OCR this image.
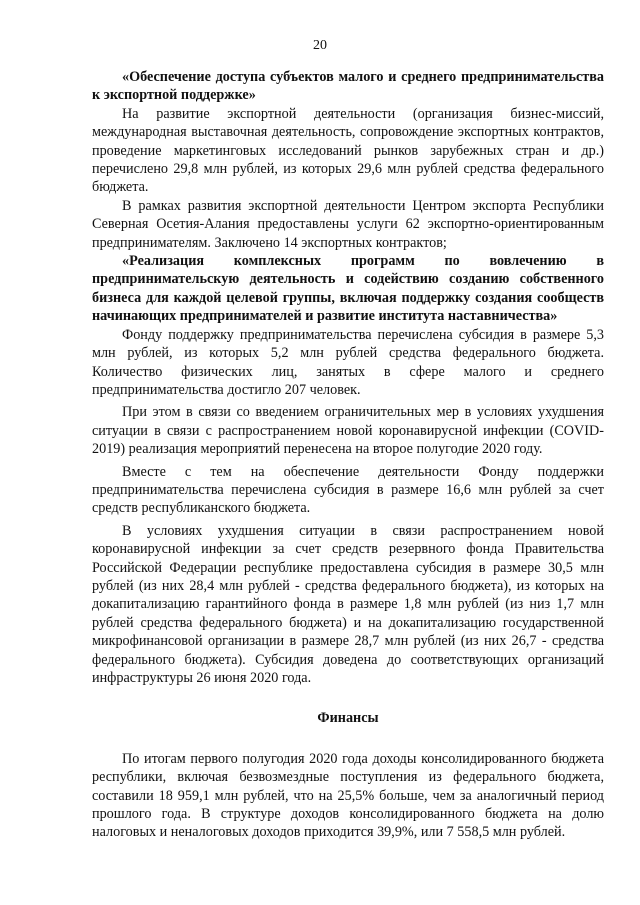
20

«Обеспечение доступа субъектов малого и среднего предпринимательства к экспортной поддержке»

На развитие экспортной деятельности (организация бизнес-миссий, международная выставочная деятельность, сопровождение экспортных контрактов, проведение маркетинговых исследований рынков зарубежных стран и др.) перечислено 29,8 млн рублей, из которых 29,6 млн рублей средства федерального бюджета.

В рамках развития экспортной деятельности Центром экспорта Республики Северная Осетия-Алания предоставлены услуги 62 экспортно-ориентированным предпринимателям. Заключено 14 экспортных контрактов;

«Реализация комплексных программ по вовлечению в предпринимательскую деятельность и содействию созданию собственного бизнеса для каждой целевой группы, включая поддержку создания сообществ начинающих предпринимателей и развитие института наставничества»

Фонду поддержку предпринимательства перечислена субсидия в размере 5,3 млн рублей, из которых 5,2 млн рублей средства федерального бюджета. Количество физических лиц, занятых в сфере малого и среднего предпринимательства достигло 207 человек.

При этом в связи со введением ограничительных мер в условиях ухудшения ситуации в связи с распространением новой коронавирусной инфекции (COVID-2019) реализация мероприятий перенесена на второе полугодие 2020 году.

Вместе с тем на обеспечение деятельности Фонду поддержки предпринимательства перечислена субсидия в размере 16,6 млн рублей за счет средств республиканского бюджета.

В условиях ухудшения ситуации в связи распространением новой коронавирусной инфекции за счет средств резервного фонда Правительства Российской Федерации республике предоставлена субсидия в размере 30,5 млн рублей (из них 28,4 млн рублей - средства федерального бюджета), из которых на докапитализацию гарантийного фонда в размере 1,8 млн рублей (из низ 1,7 млн рублей средства федерального бюджета) и на докапитализацию государственной микрофинансовой организации в размере 28,7 млн рублей (из них 26,7 - средства федерального бюджета). Субсидия доведена до соответствующих организаций инфраструктуры 26 июня 2020 года.

Финансы

По итогам первого полугодия 2020 года доходы консолидированного бюджета республики, включая безвозмездные поступления из федерального бюджета, составили 18 959,1 млн рублей, что на 25,5% больше, чем за аналогичный период прошлого года. В структуре доходов консолидированного бюджета на долю налоговых и неналоговых доходов приходится 39,9%, или 7 558,5 млн рублей.
